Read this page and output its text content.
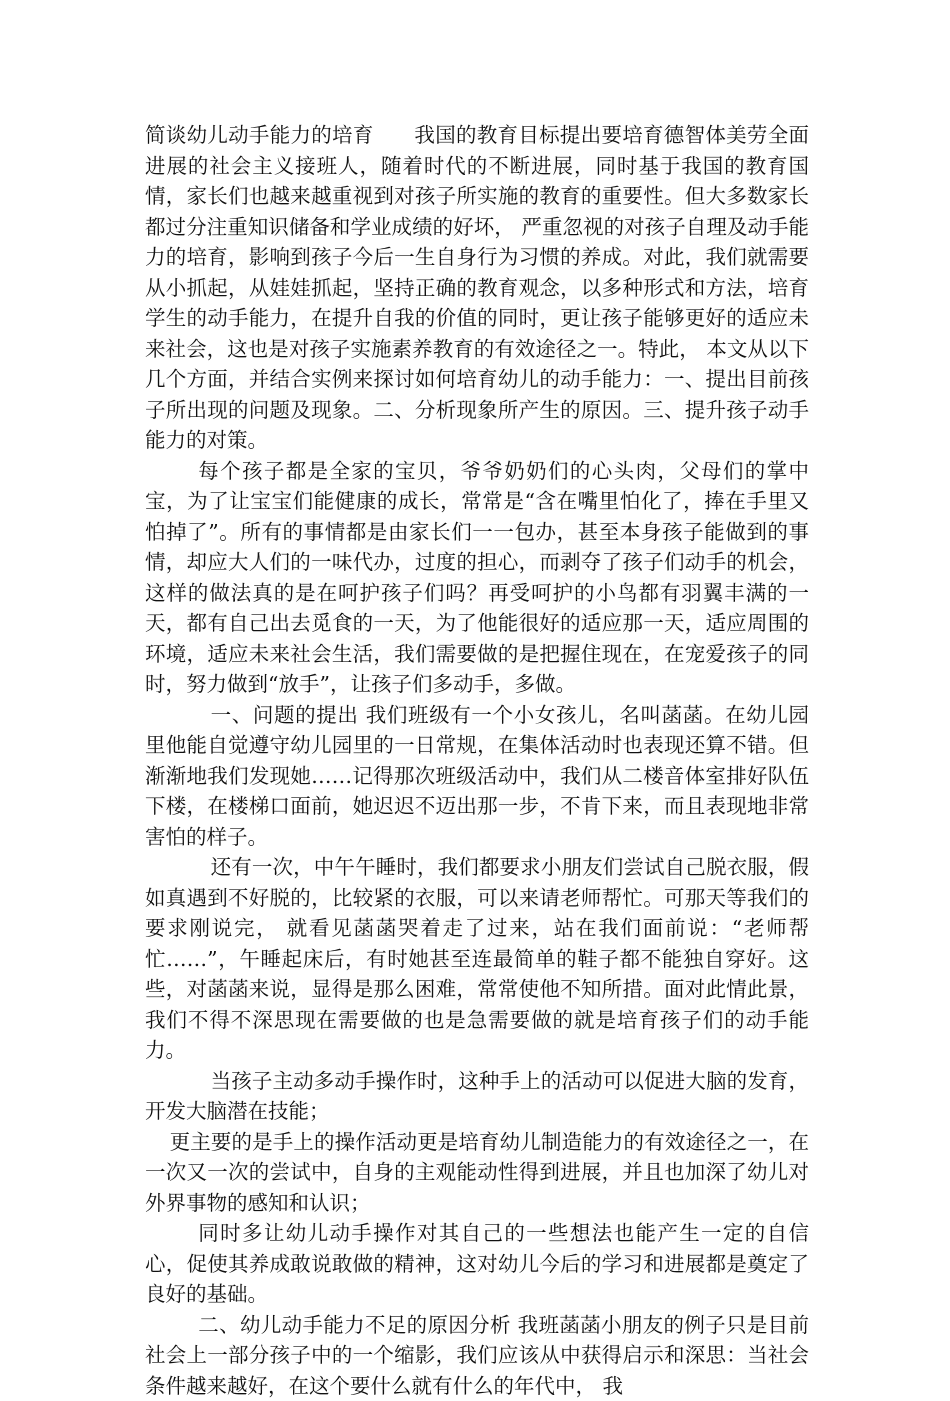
简谈幼儿动手能力的培育 我国的教育目标提出要培育德智体美劳全面进展的社会主义接班人，随着时代的不断进展，同时基于我国的教育国情，家长们也越来越重视到对孩子所实施的教育的重要性。但大多数家长都过分注重知识储备和学业成绩的好坏， 严重忽视的对孩子自理及动手能力的培育，影响到孩子今后一生自身行为习惯的养成。对此，我们就需要从小抓起，从娃娃抓起，坚持正确的教育观念，以多种形式和方法，培育学生的动手能力，在提升自我的价值的同时，更让孩子能够更好的适应未来社会，这也是对孩子实施素养教育的有效途径之一。特此， 本文从以下几个方面，并结合实例来探讨如何培育幼儿的动手能力：一、提出目前孩子所出现的问题及现象。二、分析现象所产生的原因。三、提升孩子动手能力的对策。

每个孩子都是全家的宝贝，爷爷奶奶们的心头肉，父母们的掌中宝，为了让宝宝们能健康的成长，常常是“含在嘴里怕化了，捧在手里又怕掉了”。所有的事情都是由家长们一一包办，甚至本身孩子能做到的事情，却应大人们的一味代办，过度的担心，而剥夺了孩子们动手的机会，这样的做法真的是在呵护孩子们吗？再受呵护的小鸟都有羽翼丰满的一天，都有自己出去觅食的一天，为了他能很好的适应那一天，适应周围的环境，适应未来社会生活，我们需要做的是把握住现在，在宠爱孩子的同时，努力做到“放手”，让孩子们多动手，多做。

一、问题的提出 我们班级有一个小女孩儿，名叫菡菡。在幼儿园里他能自觉遵守幼儿园里的一日常规，在集体活动时也表现还算不错。但渐渐地我们发现她……记得那次班级活动中，我们从二楼音体室排好队伍下楼，在楼梯口面前，她迟迟不迈出那一步，不肯下来，而且表现地非常害怕的样子。

还有一次，中午午睡时，我们都要求小朋友们尝试自己脱衣服，假如真遇到不好脱的，比较紧的衣服，可以来请老师帮忙。可那天等我们的要求刚说完， 就看见菡菡哭着走了过来，站在我们面前说：“老师帮忙……”，午睡起床后，有时她甚至连最简单的鞋子都不能独自穿好。这些，对菡菡来说，显得是那么困难，常常使他不知所措。面对此情此景，我们不得不深思现在需要做的也是急需要做的就是培育孩子们的动手能力。

当孩子主动多动手操作时，这种手上的活动可以促进大脑的发育，开发大脑潜在技能；

更主要的是手上的操作活动更是培育幼儿制造能力的有效途径之一，在一次又一次的尝试中，自身的主观能动性得到进展，并且也加深了幼儿对外界事物的感知和认识；

同时多让幼儿动手操作对其自己的一些想法也能产生一定的自信心，促使其养成敢说敢做的精神，这对幼儿今后的学习和进展都是奠定了良好的基础。

二、幼儿动手能力不足的原因分析 我班菡菡小朋友的例子只是目前社会上一部分孩子中的一个缩影，我们应该从中获得启示和深思：当社会条件越来越好，在这个要什么就有什么的年代中， 我
